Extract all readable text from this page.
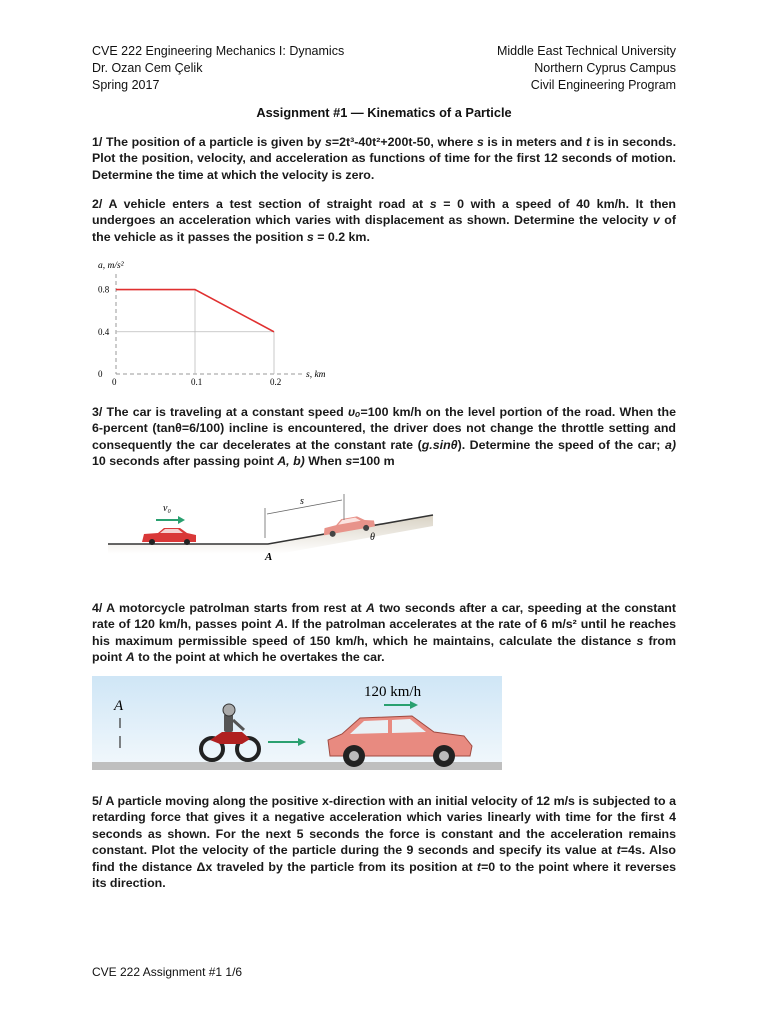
CVE 222 Engineering Mechanics I: Dynamics
Dr. Ozan Cem Çelik
Spring 2017
Middle East Technical University
Northern Cyprus Campus
Civil Engineering Program
Assignment #1 — Kinematics of a Particle
1/ The position of a particle is given by s=2t³-40t²+200t-50, where s is in meters and t is in seconds. Plot the position, velocity, and acceleration as functions of time for the first 12 seconds of motion. Determine the time at which the velocity is zero.
2/ A vehicle enters a test section of straight road at s = 0 with a speed of 40 km/h. It then undergoes an acceleration which varies with displacement as shown. Determine the velocity v of the vehicle as it passes the position s = 0.2 km.
a, m/s²
0	0.1	0.2
0
0.4
0.8
s, km
3/ The car is traveling at a constant speed υₒ=100 km/h on the level portion of the road. When the 6-percent (tanθ=6/100) incline is encountered, the driver does not change the throttle setting and consequently the car decelerates at the constant rate (g.sinθ). Determine the speed of the car; a) 10 seconds after passing point A, b) When s=100 m
v₀
s
θ
A
4/ A motorcycle patrolman starts from rest at A two seconds after a car, speeding at the constant rate of 120 km/h, passes point A. If the patrolman accelerates at the rate of 6 m/s² until he reaches his maximum permissible speed of 150 km/h, which he maintains, calculate the distance s from point A to the point at which he overtakes the car.
A
120 km/h
5/ A particle moving along the positive x-direction with an initial velocity of 12 m/s is subjected to a retarding force that gives it a negative acceleration which varies linearly with time for the first 4 seconds as shown. For the next 5 seconds the force is constant and the acceleration remains constant. Plot the velocity of the particle during the 9 seconds and specify its value at t=4s. Also find the distance Δx traveled by the particle from its position at t=0 to the point where it reverses its direction.
CVE 222 Assignment #1 1/6
